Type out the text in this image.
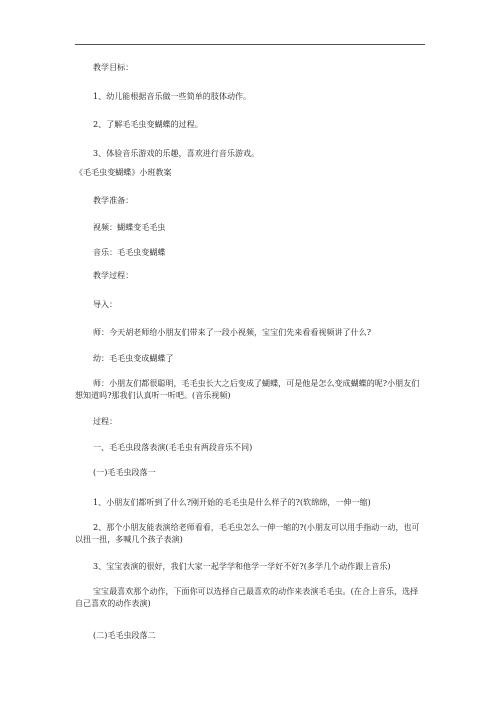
教学目标：
1、幼儿能根据音乐做一些简单的肢体动作。
2、了解毛毛虫变蝴蝶的过程。
3、体验音乐游戏的乐趣，喜欢进行音乐游戏。
《毛毛虫变蝴蝶》小班教案
教学准备：
视频：蝴蝶变毛毛虫
音乐：毛毛虫变蝴蝶
教学过程：
导入：
师：今天胡老师给小朋友们带来了一段小视频，宝宝们先来看看视频讲了什么?
幼：毛毛虫变成蝴蝶了
师：小朋友们都很聪明，毛毛虫长大之后变成了蝴蝶，可是他是怎么变成蝴蝶的呢?小朋友们想知道吗?那我们认真听一听吧。(音乐视频)
过程：
一、毛毛虫段落表演(毛毛虫有两段音乐不同)
(一)毛毛虫段落一
1、小朋友们都听到了什么?刚开始的毛毛虫是什么样子的?(软绵绵，一伸一缩)
2、那个小朋友能表演给老师看看，毛毛虫怎么一伸一缩的?(小朋友可以用手指动一动，也可以扭一扭，多喊几个孩子表演)
3、宝宝表演的很好，我们大家一起学学和他学一学好不好?(多学几个动作跟上音乐)
宝宝最喜欢那个动作，下面你可以选择自己最喜欢的动作来表演毛毛虫。(在合上音乐，选择自己喜欢的动作表演)
(二)毛毛虫段落二
